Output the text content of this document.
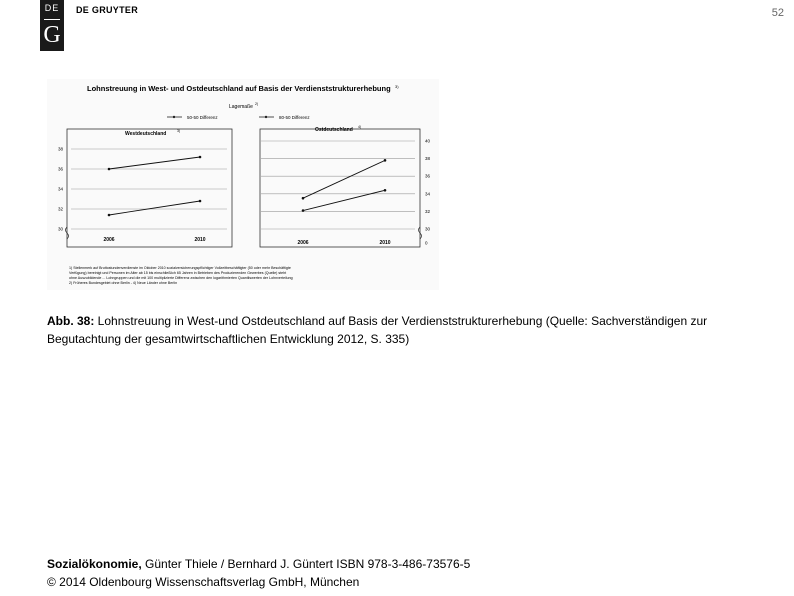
52
DE
G
DE GRUYTER
Lohnstreuung in West- und Ostdeutschland auf Basis der Verdienststrukturerhebung 3)
Lagemaße 2)
50-50 Differenz	80-50 Differenz
Westdeutschland	3)	Ostdeutschland 4)
1) Stellenmerk auf Bruttostundenverdienste im Oktober 2010 sozialversicherungspflichtiger Vollzeitbeschäftigter (50 oder mehr Beschäftigte
Verfügung) bereinigt und Personen im Alter ab 15 bis einschließlich 65 Jahren in Betrieben des Produzierenden Gewerbes (Quelle) steht
ohne Auszubildende ... Lohngruppen und die mit 100 multiplizierte Differenz zwischen den logarithmierten Quantilswerten der Lohnverteilung
2) Früheres Bundesgebiet ohne Berlin - 4) Neue Länder ohne Berlin
30
32
34
36
38
2006	2010	0
30
32
34
36
38
40
2006	2010
Abb. 38: Lohnstreuung in West-und Ostdeutschland auf Basis der Verdienststrukturerhebung (Quelle: Sachverständigen zur Begutachtung der gesamtwirtschaftlichen Entwicklung 2012, S. 335)
Sozialökonomie, Günter Thiele / Bernhard J. Güntert ISBN 978-3-486-73576-5
© 2014 Oldenbourg Wissenschaftsverlag GmbH, München
